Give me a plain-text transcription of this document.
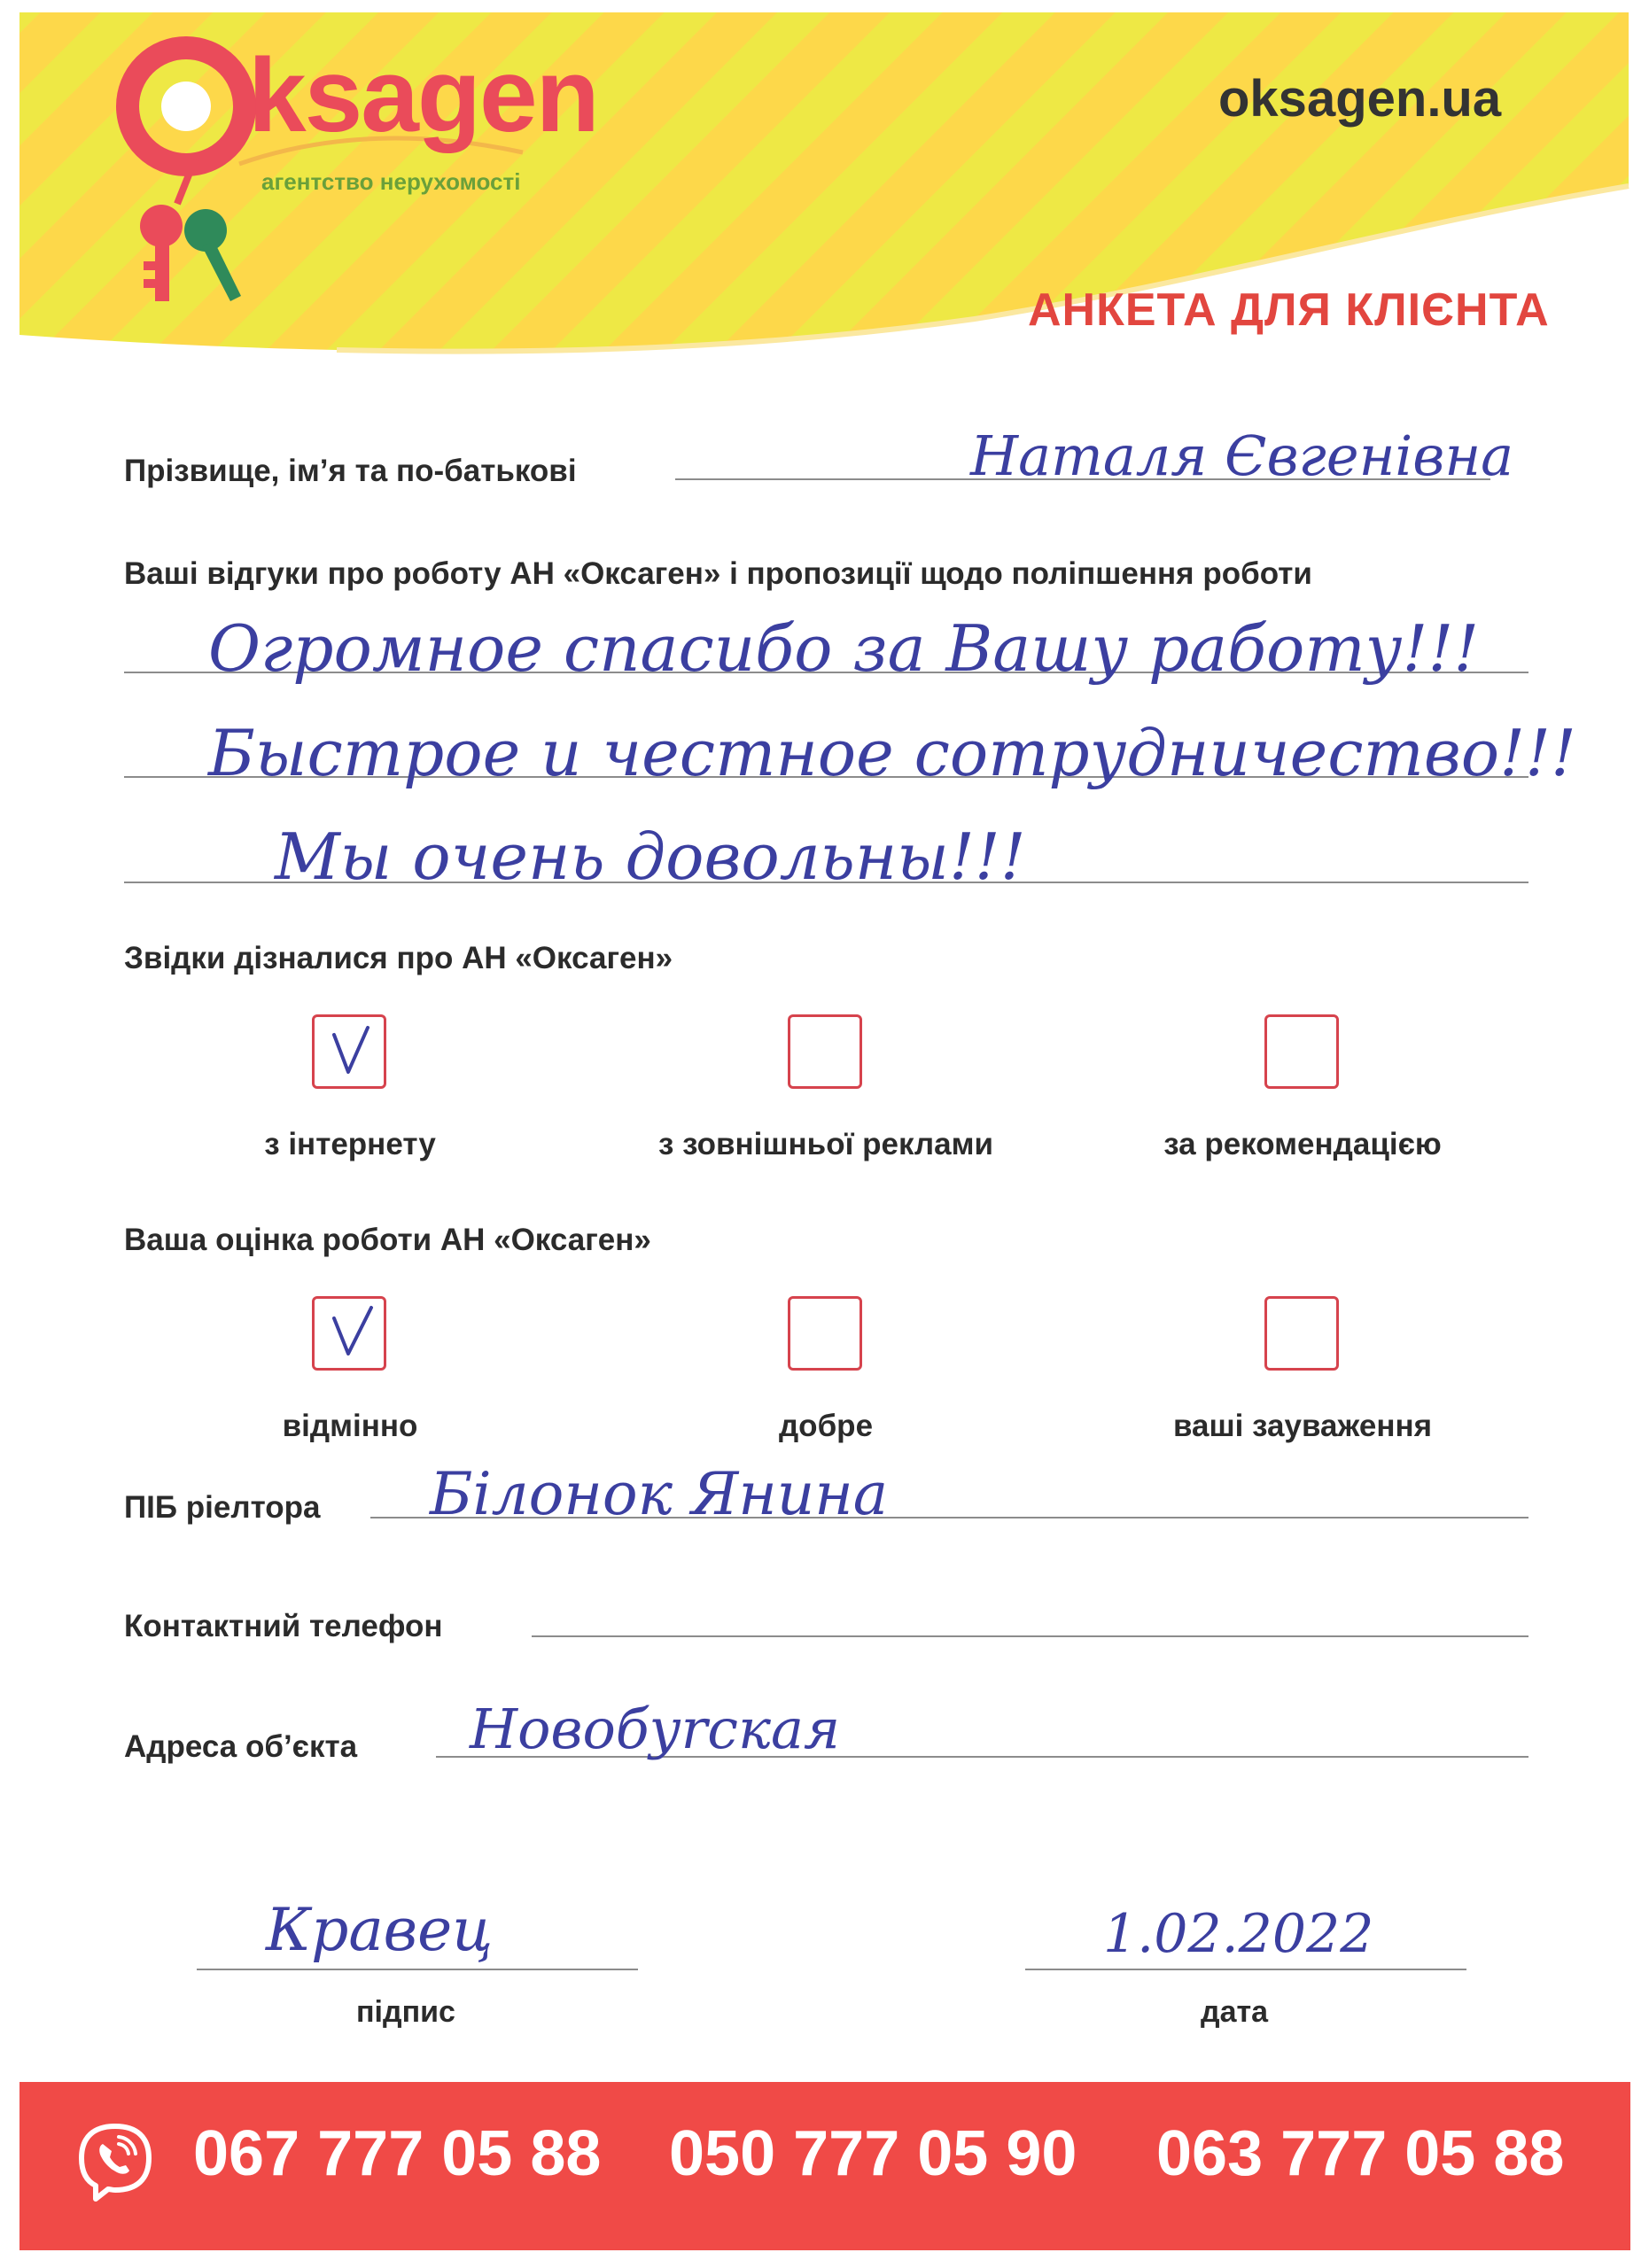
ksagen
агентство нерухомості
oksagen.ua
АНКЕТА ДЛЯ КЛІЄНТА
Прізвище, ім’я та по-батькові	Наталя Євгенівна
Ваші відгуки про роботу АН «Оксаген» і пропозиції щодо поліпшення роботи
Огромное спасибо за Вашу работу!!!
Быстрое и честное сотрудничество!!!
Мы очень довольны!!!
Звідки дізналися про АН «Оксаген»
з інтернету	з зовнішньої реклами	за рекомендацією
Ваша оцінка роботи АН «Оксаген»
відмінно	добре	ваші зауваження
ПІБ ріелтора Білонок Янина
Контактний телефон
Адреса об’єкта Новобуrская
Кравец
підпис
1.02.2022
дата
067 777 05 88 050 777 05 90 063 777 05 88
